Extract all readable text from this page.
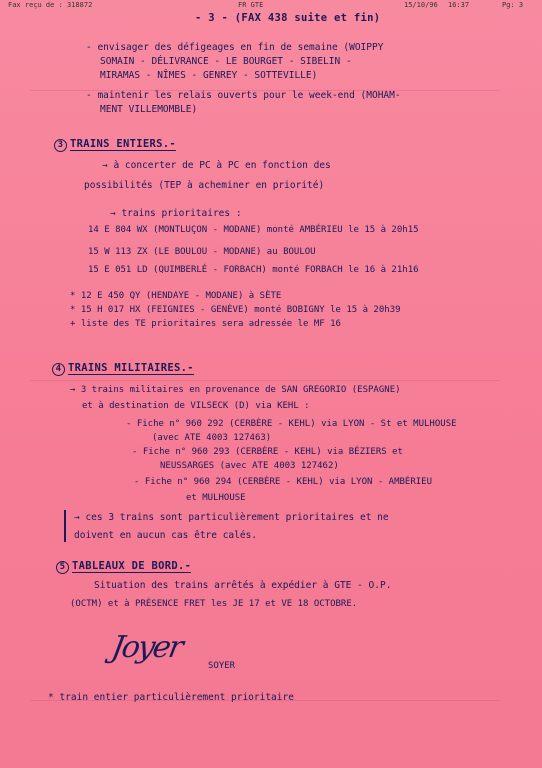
Fax reçu de : 318872	FR GTE	15/10/96 16:37	Pg: 3
- 3 - (FAX 438 suite et fin)
- envisager des défigeages en fin de semaine (WOIPPY
SOMAIN - DÉLIVRANCE - LE BOURGET - SIBELIN -
MIRAMAS - NÎMES - GENREY - SOTTEVILLE)
- maintenir les relais ouverts pour le week-end (MOHAM-
MENT VILLEMOMBLE)
3 TRAINS ENTIERS.-
→ à concerter de PC à PC en fonction des
possibilités (TEP à acheminer en priorité)
→ trains prioritaires :
14 E 804 WX (MONTLUÇON - MODANE) monté AMBÉRIEU le 15 à 20h15
15 W 113 ZX (LE BOULOU - MODANE) au BOULOU
15 E 051 LD (QUIMBERLÉ - FORBACH) monté FORBACH le 16 à 21h16
* 12 E 450 QY (HENDAYE - MODANE) à SÈTE
* 15 H 017 HX (FEIGNIES - GENÈVE) monté BOBIGNY le 15 à 20h39
+ liste des TE prioritaires sera adressée le MF 16
4 TRAINS MILITAIRES.-
→ 3 trains militaires en provenance de SAN GREGORIO (ESPAGNE)
et à destination de VILSECK (D) via KEHL :
- Fiche n° 960 292 (CERBÈRE - KEHL) via LYON - St et MULHOUSE
(avec ATE 4003 127463)
- Fiche n° 960 293 (CERBÈRE - KEHL) via BÉZIERS et
NEUSSARGES (avec ATE 4003 127462)
- Fiche n° 960 294 (CERBÈRE - KEHL) via LYON - AMBÉRIEU
et MULHOUSE
→ ces 3 trains sont particulièrement prioritaires et ne
doivent en aucun cas être calés.
5 TABLEAUX DE BORD.-
Situation des trains arrêtés à expédier à GTE - O.P.
(OCTM) et à PRÉSENCE FRET les JE 17 et VE 18 OCTOBRE.
Joyer
SOYER
* train entier particulièrement prioritaire
